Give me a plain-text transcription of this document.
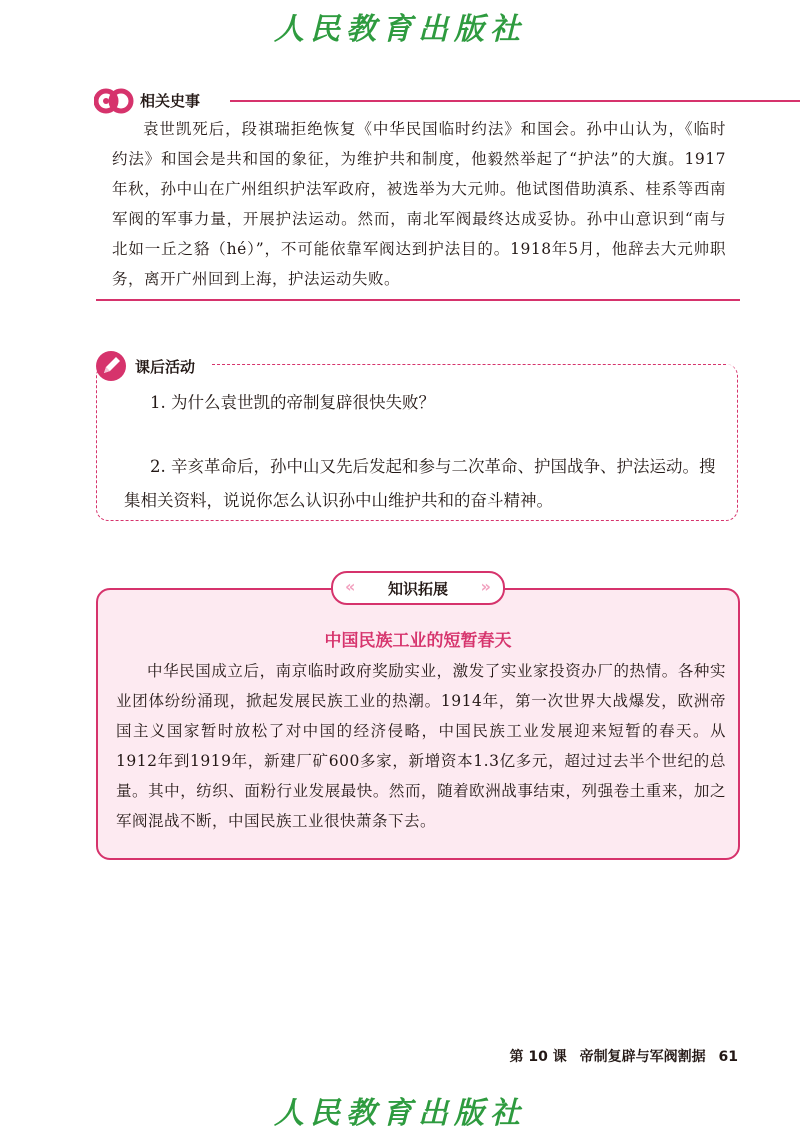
人民教育出版社
相关史事

袁世凯死后，段祺瑞拒绝恢复《中华民国临时约法》和国会。孙中山认为，《临时约法》和国会是共和国的象征，为维护共和制度，他毅然举起了“护法”的大旗。1917年秋，孙中山在广州组织护法军政府，被选举为大元帅。他试图借助滇系、桂系等西南军阀的军事力量，开展护法运动。然而，南北军阀最终达成妥协。孙中山意识到“南与北如一丘之貉（hé）”，不可能依靠军阀达到护法目的。1918年5月，他辞去大元帅职务，离开广州回到上海，护法运动失败。

课后活动
1. 为什么袁世凯的帝制复辟很快失败？
2. 辛亥革命后，孙中山又先后发起和参与二次革命、护国战争、护法运动。搜集相关资料，说说你怎么认识孙中山维护共和的奋斗精神。
«	知识拓展	»
中国民族工业的短暂春天

中华民国成立后，南京临时政府奖励实业，激发了实业家投资办厂的热情。各种实业团体纷纷涌现，掀起发展民族工业的热潮。1914年，第一次世界大战爆发，欧洲帝国主义国家暂时放松了对中国的经济侵略，中国民族工业发展迎来短暂的春天。从1912年到1919年，新建厂矿600多家，新增资本1.3亿多元，超过过去半个世纪的总量。其中，纺织、面粉行业发展最快。然而，随着欧洲战事结束，列强卷土重来，加之军阀混战不断，中国民族工业很快萧条下去。

第 10 课 帝制复辟与军阀割据 61
人民教育出版社
